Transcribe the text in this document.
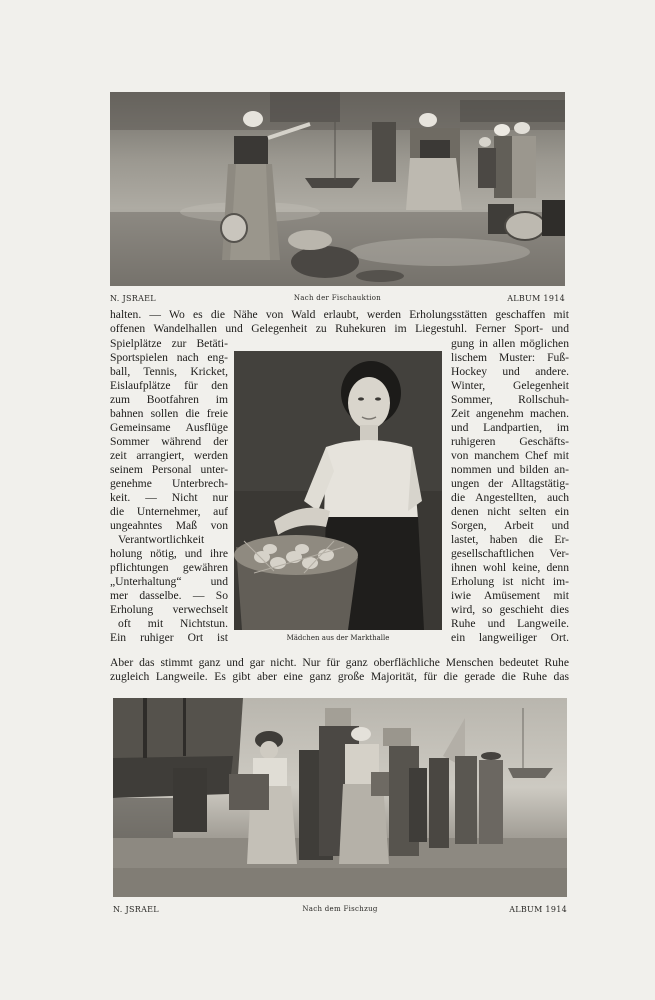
N. JSRAEL	Nach der Fischauktion	ALBUM 1914
halten. — Wo es die Nähe von Wald erlaubt, werden Erholungsstätten geschaffen mit
offenen Wandelhallen und Gelegenheit zu Ruhekuren im Liegestuhl. Ferner Sport- und
Spielplätze zur Betäti-
Sportspielen nach eng-
ball, Tennis, Kricket,
Eislaufplätze für den
zum Bootfahren im
bahnen sollen die freie
Gemeinsame Ausflüge
Sommer während der
zeit arrangiert, werden
seinem Personal unter-
genehme Unterbrech-
keit. — Nicht nur
die Unternehmer, auf
ungeahntes Maß von
Verantwortlichkeit
holung nötig, und ihre
pflichtungen gewähren
„Unterhaltung“ und
mer dasselbe. — So
Erholung verwechselt
oft mit Nichtstun.
Ein ruhiger Ort ist
gung in allen möglichen
lischem Muster: Fuß-
Hockey und andere.
Winter, Gelegenheit
Sommer, Rollschuh-
Zeit angenehm machen.
und Landpartien, im
ruhigeren Geschäfts-
von manchem Chef mit
nommen und bilden an-
ungen der Alltagstätig-
die Angestellten, auch
denen nicht selten ein
Sorgen, Arbeit und
lastet, haben die Er-
gesellschaftlichen Ver-
ihnen wohl keine, denn
Erholung ist nicht im-
iwie Amüsement mit
wird, so geschieht dies
Ruhe und Langweile.
ein langweiliger Ort.
Mädchen aus der Markthalle
Aber das stimmt ganz und gar nicht. Nur für ganz oberflächliche Menschen bedeutet Ruhe
zugleich Langweile. Es gibt aber eine ganz große Majorität, für die gerade die Ruhe das
N. JSRAEL	Nach dem Fischzug	ALBUM 1914
